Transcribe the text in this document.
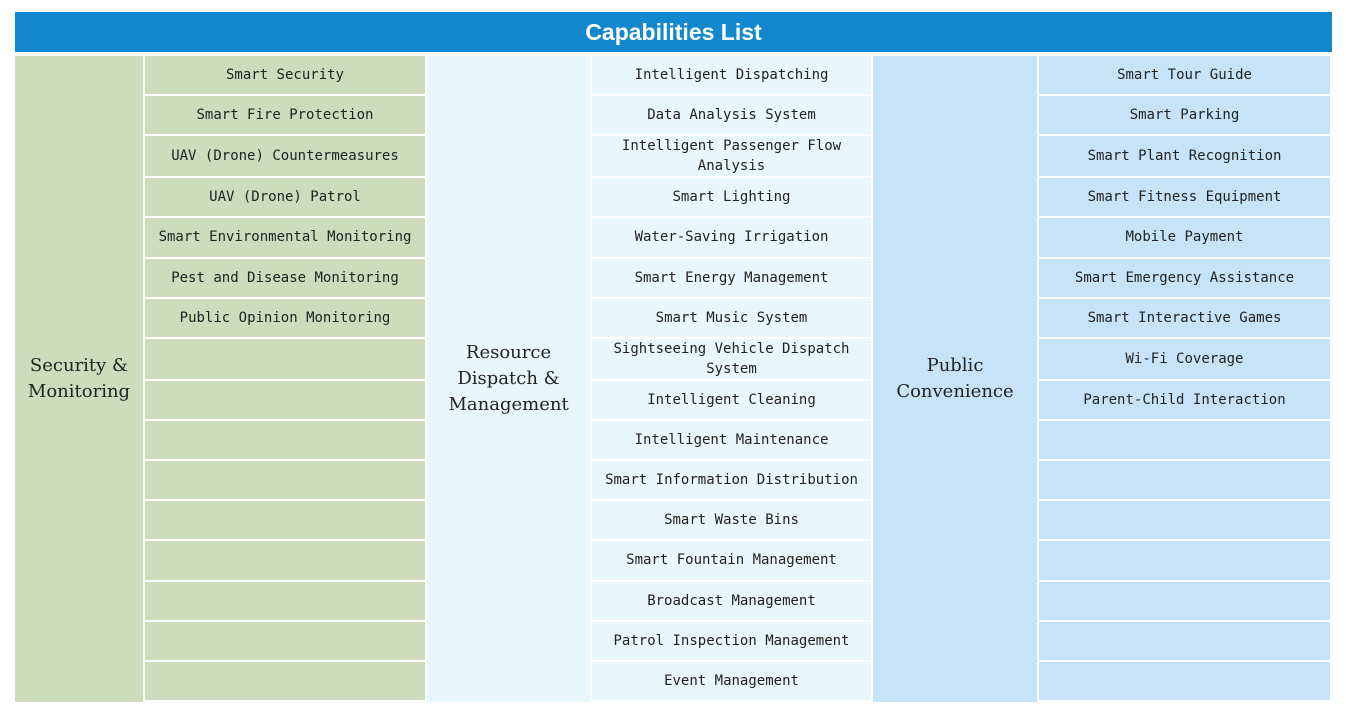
Capabilities List
Security & Monitoring
Smart Security
Smart Fire Protection
UAV (Drone) Countermeasures
UAV (Drone) Patrol
Smart Environmental Monitoring
Pest and Disease Monitoring
Public Opinion Monitoring
Resource Dispatch & Management
Intelligent Dispatching
Data Analysis System
Intelligent Passenger Flow Analysis
Smart Lighting
Water-Saving Irrigation
Smart Energy Management
Smart Music System
Sightseeing Vehicle Dispatch System
Intelligent Cleaning
Intelligent Maintenance
Smart Information Distribution
Smart Waste Bins
Smart Fountain Management
Broadcast Management
Patrol Inspection Management
Event Management
Public Convenience
Smart Tour Guide
Smart Parking
Smart Plant Recognition
Smart Fitness Equipment
Mobile Payment
Smart Emergency Assistance
Smart Interactive Games
Wi-Fi Coverage
Parent-Child Interaction
